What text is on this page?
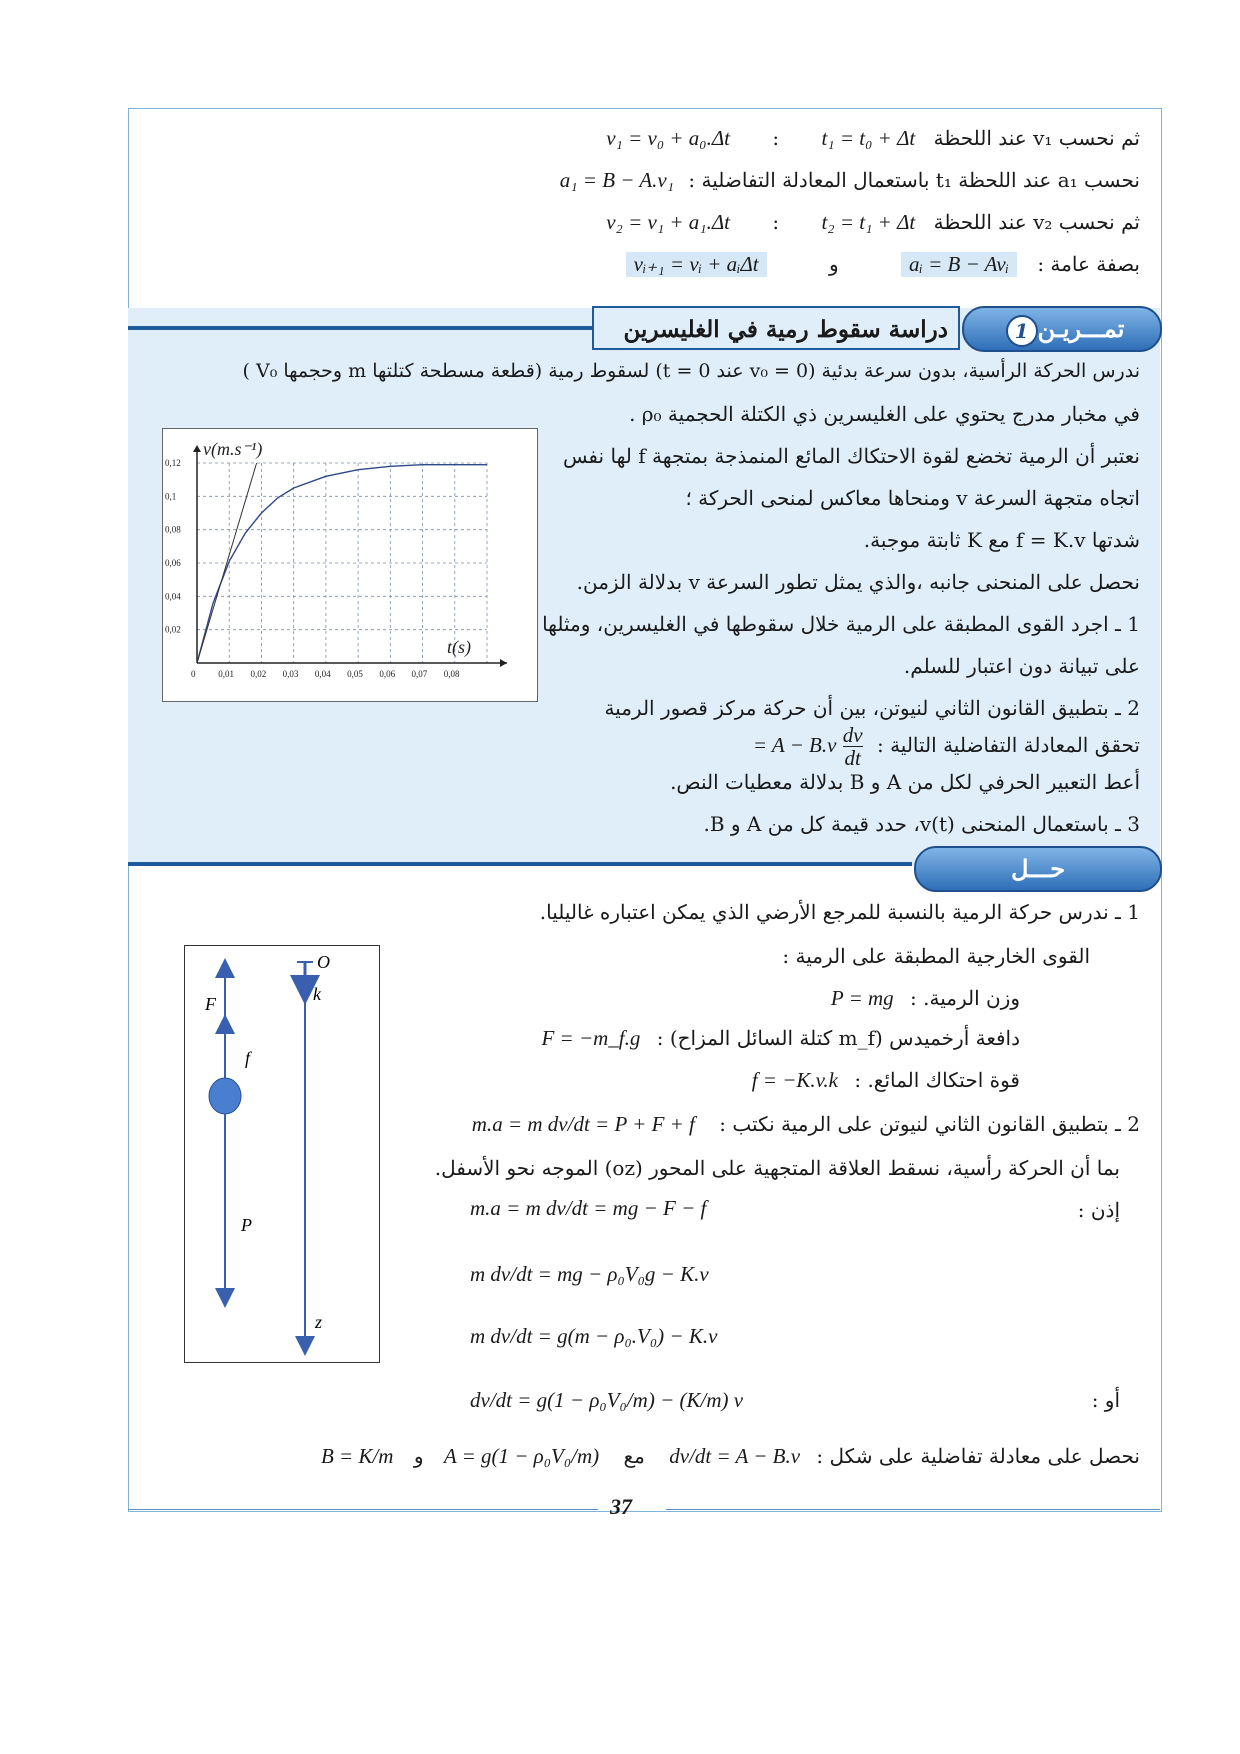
ثم نحسب v₁ عند اللحظة t₁ = t₀ + Δt : v₁ = v₀ + a₀.Δt
نحسب a₁ عند اللحظة t₁ باستعمال المعادلة التفاضلية : a₁ = B − A.v₁
ثم نحسب v₂ عند اللحظة t₂ = t₁ + Δt : v₂ = v₁ + a₁.Δt
بصفة عامة : aᵢ = B − Avᵢ و vᵢ₊₁ = vᵢ + aᵢΔt
دراسة سقوط رمية في الغليسرين	تمـــريـن1
ندرس الحركة الرأسية، بدون سرعة بدئية (v₀ = 0 عند t = 0) لسقوط رمية (قطعة مسطحة كتلتها m وحجمها V₀ )
في مخبار مدرج يحتوي على الغليسرين ذي الكتلة الحجمية ρ₀ .
نعتبر أن الرمية تخضع لقوة الاحتكاك المائع المنمذجة بمتجهة f لها نفس
اتجاه متجهة السرعة v ومنحاها معاكس لمنحى الحركة ؛
شدتها f = K.v مع K ثابتة موجبة.
نحصل على المنحنى جانبه ،والذي يمثل تطور السرعة v بدلالة الزمن.
1 ـ اجرد القوى المطبقة على الرمية خلال سقوطها في الغليسرين، ومثلها
على تبيانة دون اعتبار للسلم.
2 ـ بتطبيق القانون الثاني لنيوتن، بين أن حركة مركز قصور الرمية
تحقق المعادلة التفاضلية التالية :
$\frac{dv}{dt}$
= A − B.v
أعط التعبير الحرفي لكل من A و B بدلالة معطيات النص.
3 ـ باستعمال المنحنى v(t)، حدد قيمة كل من A و B.
0	0,01 0,02 0,03 0,04 0,05 0,06 0,07 0,08
0,02
0,04
0,06
0,08
0,1
0,12
t(s)
v(m.s⁻¹)
حـــل
1 ـ ندرس حركة الرمية بالنسبة للمرجع الأرضي الذي يمكن اعتباره غاليليا.
القوى الخارجية المطبقة على الرمية :
وزن الرمية. : P = mg
دافعة أرخميدس (m_f كتلة السائل المزاح) : F = −m_f.g
قوة احتكاك المائع. : f = −K.v.k
2 ـ بتطبيق القانون الثاني لنيوتن على الرمية نكتب : m.a = m dv/dt = P + F + f
بما أن الحركة رأسية، نسقط العلاقة المتجهية على المحور (oz) الموجه نحو الأسفل.
إذن :
m.a = m dv/dt = mg − F − f
m dv/dt = mg − ρ₀V₀g − K.v
m dv/dt = g(m − ρ₀.V₀) − K.v
أو :
dv/dt = g(1 − ρ₀V₀/m) − (K/m) v
نحصل على معادلة تفاضلية على شكل : dv/dt = A − B.v مع A = g(1 − ρ₀V₀/m) و B = K/m
O
k
F
f
P
z
37
